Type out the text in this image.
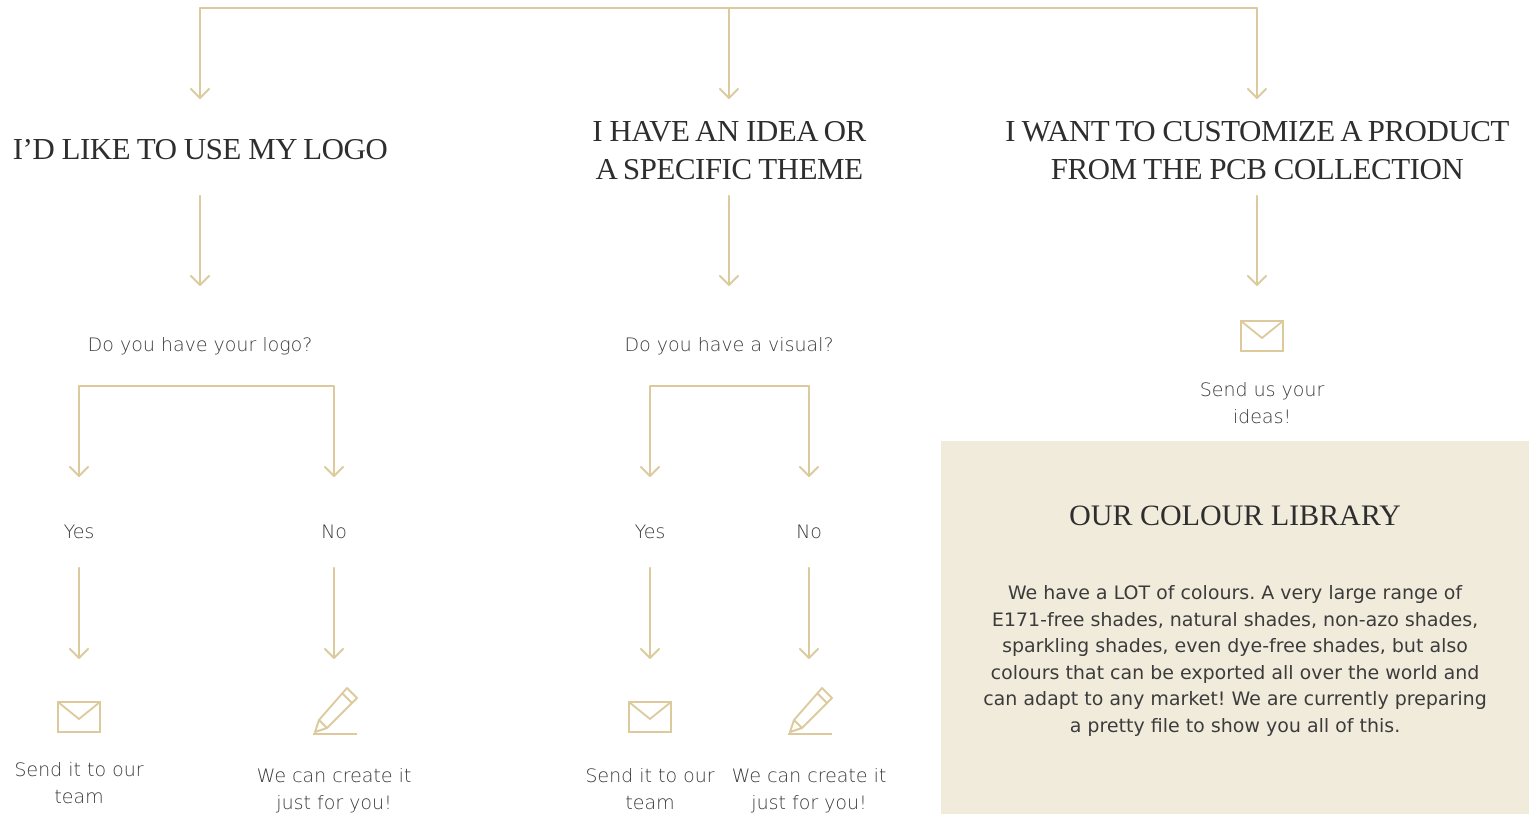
I’D LIKE TO USE MY LOGO
I HAVE AN IDEA OR A SPECIFIC THEME
I WANT TO CUSTOMIZE A PRODUCT FROM THE PCB COLLECTION
Do you have your logo?	Do you have a visual?
Yes	No	Yes	No
Send it to our team
We can create it just for you!
Send it to our team
We can create it just for you!
Send us your ideas!
OUR COLOUR LIBRARY
We have a LOT of colours. A very large range of E171-free shades, natural shades, non-azo shades, sparkling shades, even dye-free shades, but also colours that can be exported all over the world and can adapt to any market! We are currently preparing a pretty file to show you all of this.
